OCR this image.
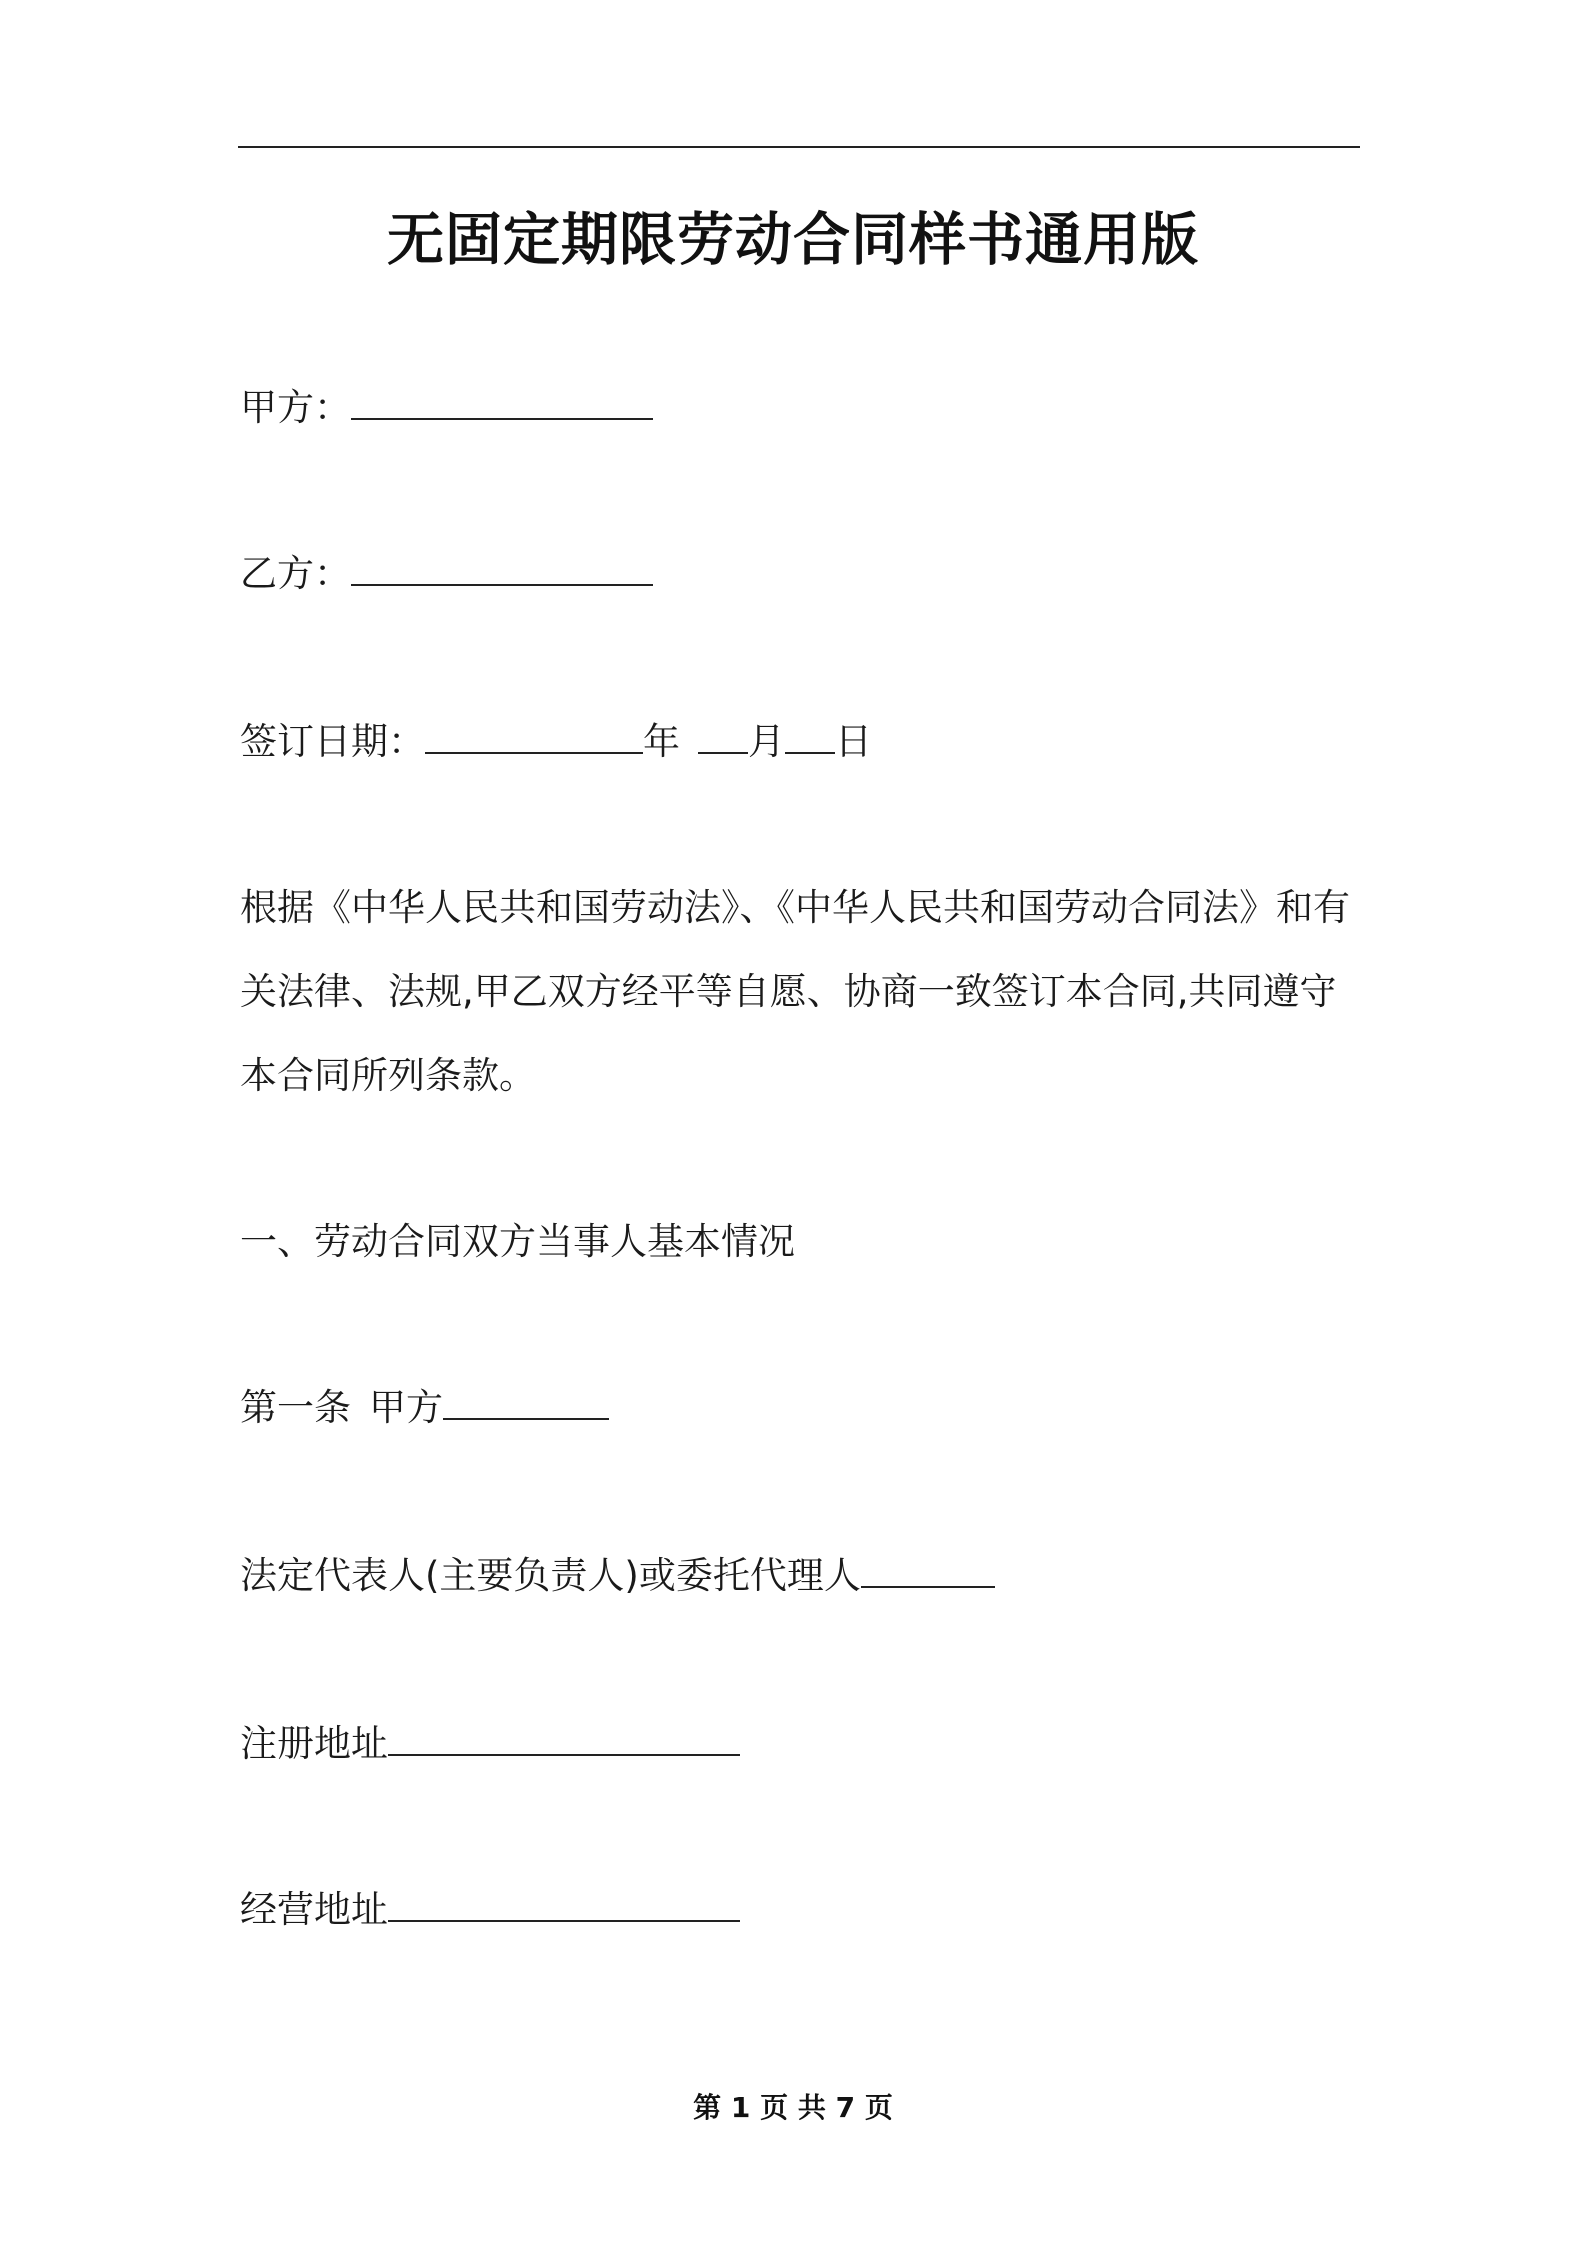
无固定期限劳动合同样书通用版
甲方：
乙方：
签订日期：	年 月 日
根据《中华人民共和国劳动法》、《中华人民共和国劳动合同法》和有
关法律、法规,甲乙双方经平等自愿、协商一致签订本合同,共同遵守
本合同所列条款。
一、劳动合同双方当事人基本情况
第一条 甲方
法定代表人(主要负责人)或委托代理人
注册地址
经营地址
第 1 页 共 7 页
